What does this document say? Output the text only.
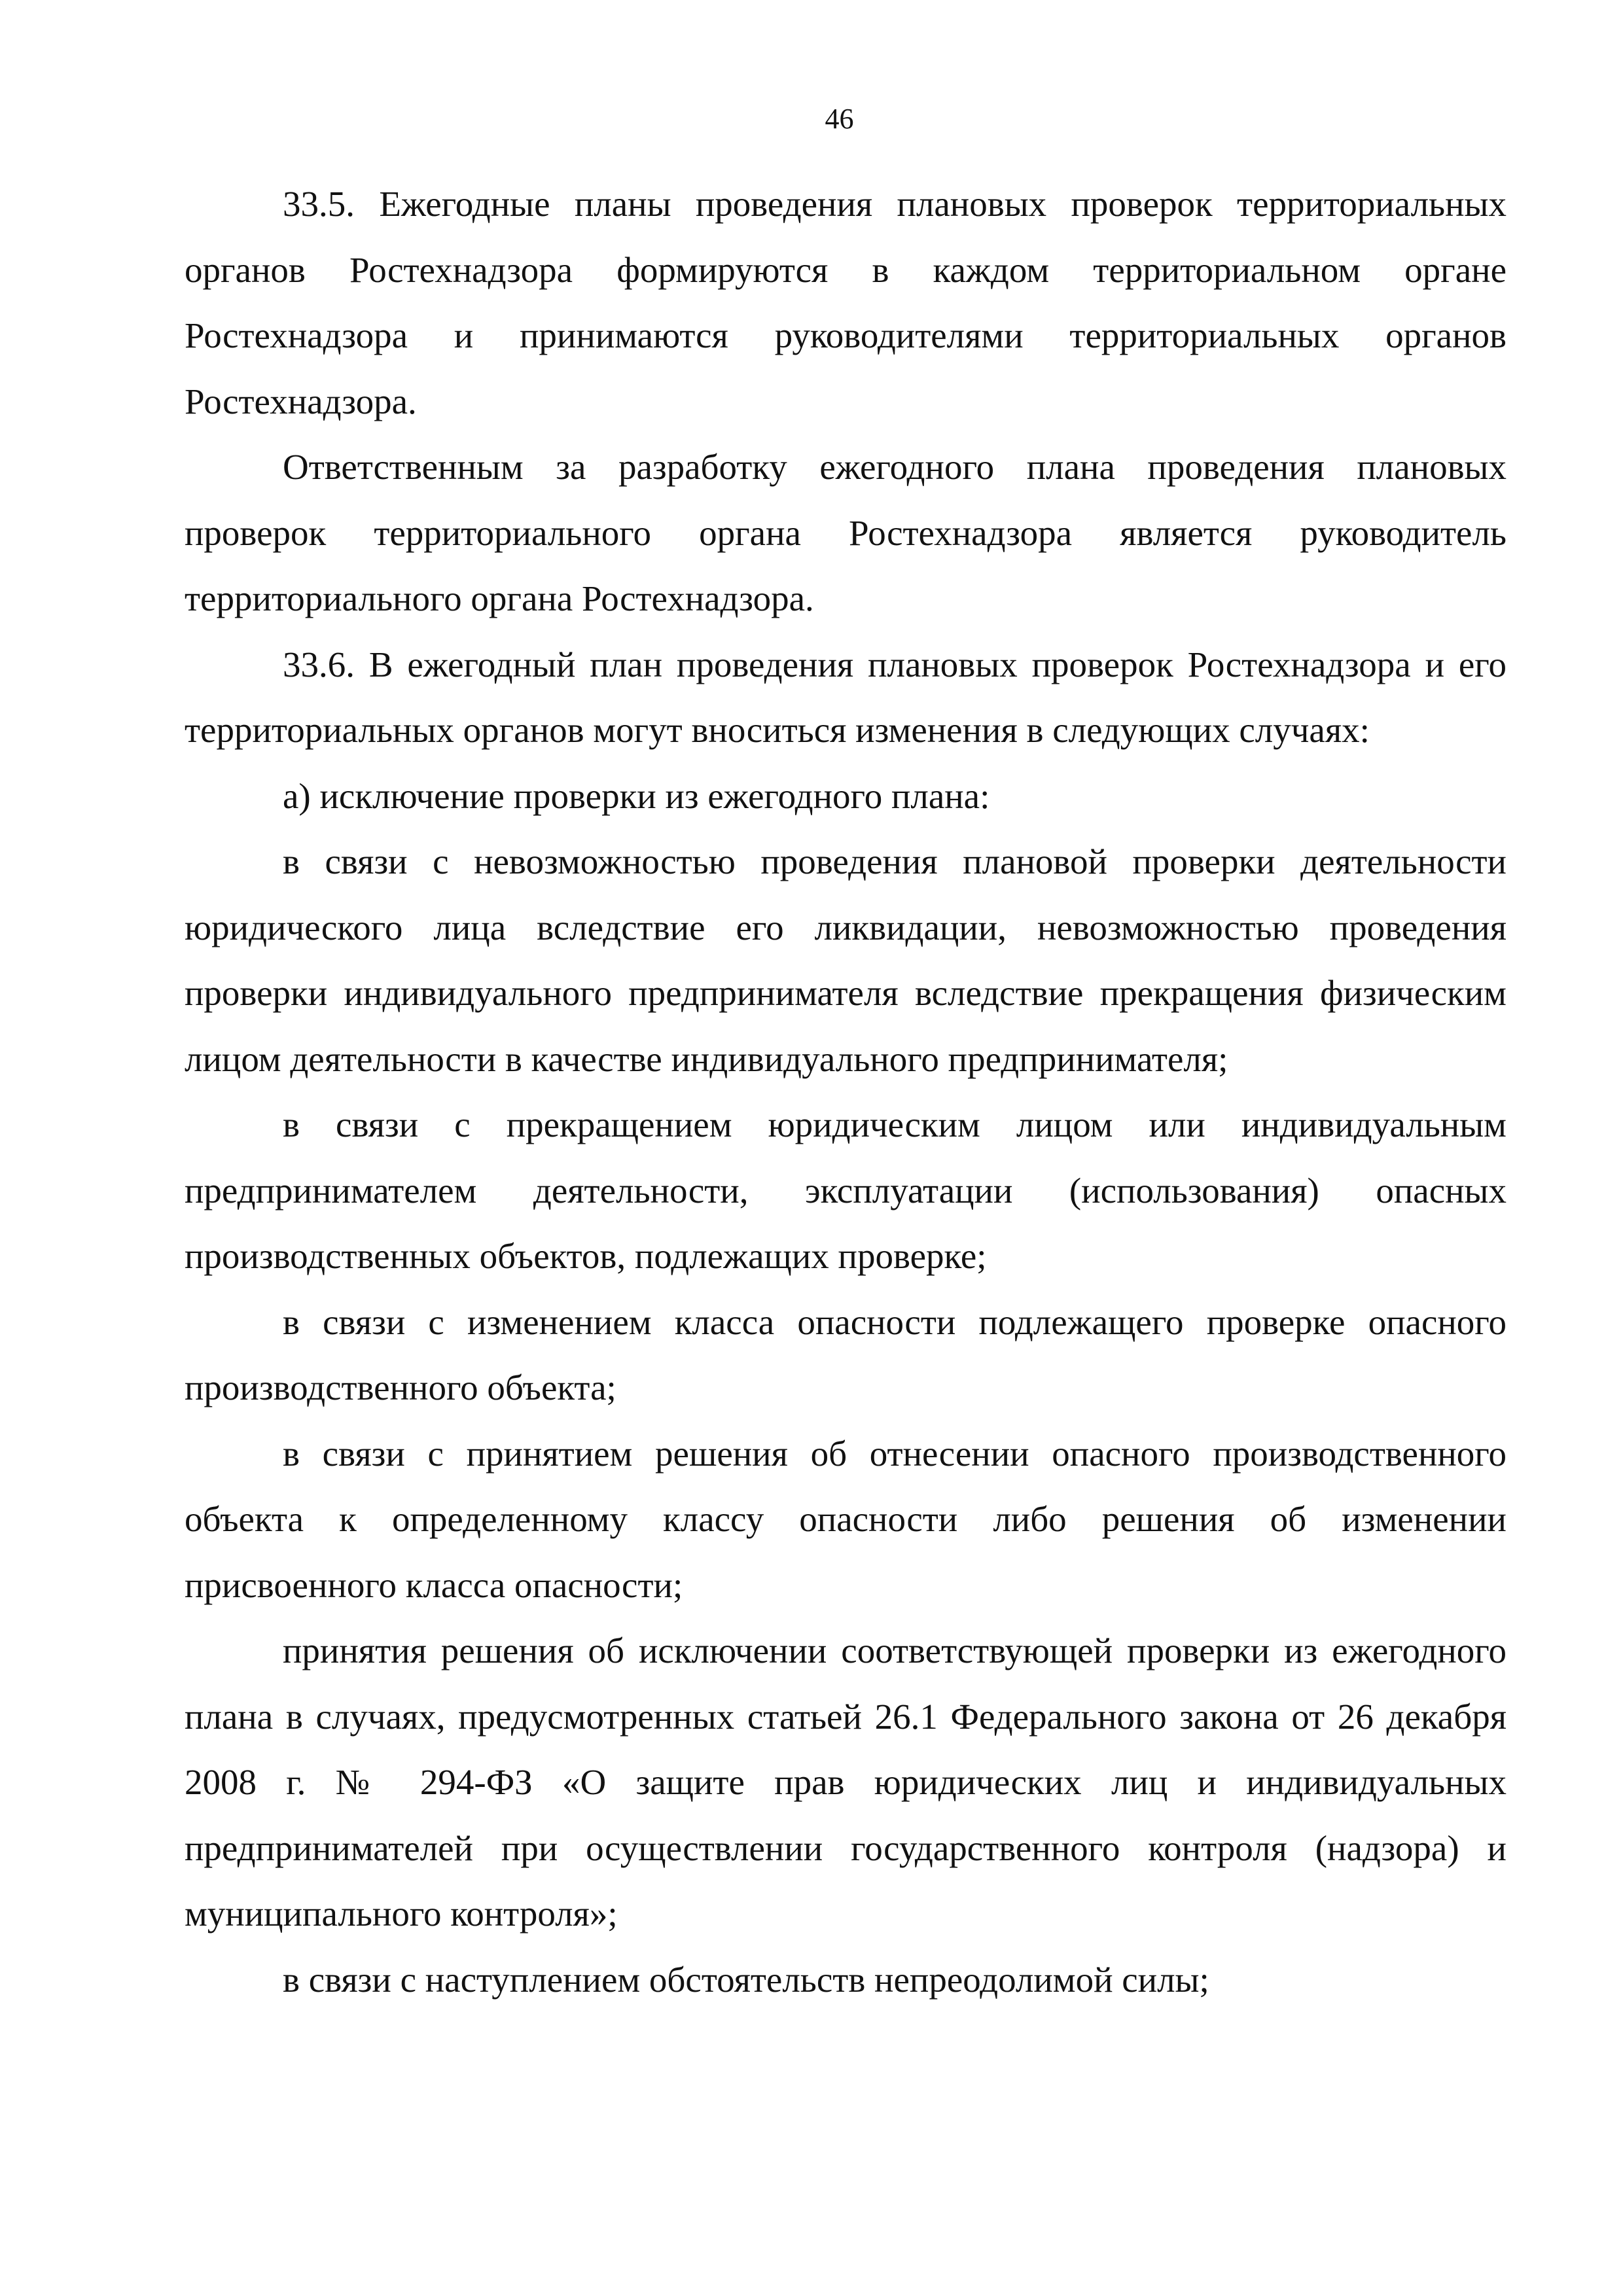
46

33.5. Ежегодные планы проведения плановых проверок территориальных органов Ростехнадзора формируются в каждом территориальном органе Ростехнадзора и принимаются руководителями территориальных органов Ростехнадзора.

Ответственным за разработку ежегодного плана проведения плановых проверок территориального органа Ростехнадзора является руководитель территориального органа Ростехнадзора.

33.6. В ежегодный план проведения плановых проверок Ростехнадзора и его территориальных органов могут вноситься изменения в следующих случаях:

а) исключение проверки из ежегодного плана:

в связи с невозможностью проведения плановой проверки деятельности юридического лица вследствие его ликвидации, невозможностью проведения проверки индивидуального предпринимателя вследствие прекращения физическим лицом деятельности в качестве индивидуального предпринимателя;

в связи с прекращением юридическим лицом или индивидуальным предпринимателем деятельности, эксплуатации (использования) опасных производственных объектов, подлежащих проверке;

в связи с изменением класса опасности подлежащего проверке опасного производственного объекта;

в связи с принятием решения об отнесении опасного производственного объекта к определенному классу опасности либо решения об изменении присвоенного класса опасности;

принятия решения об исключении соответствующей проверки из ежегодного плана в случаях, предусмотренных статьей 26.1 Федерального закона от 26 декабря 2008 г. № 294-ФЗ «О защите прав юридических лиц и индивидуальных предпринимателей при осуществлении государственного контроля (надзора) и муниципального контроля»;

в связи с наступлением обстоятельств непреодолимой силы;
